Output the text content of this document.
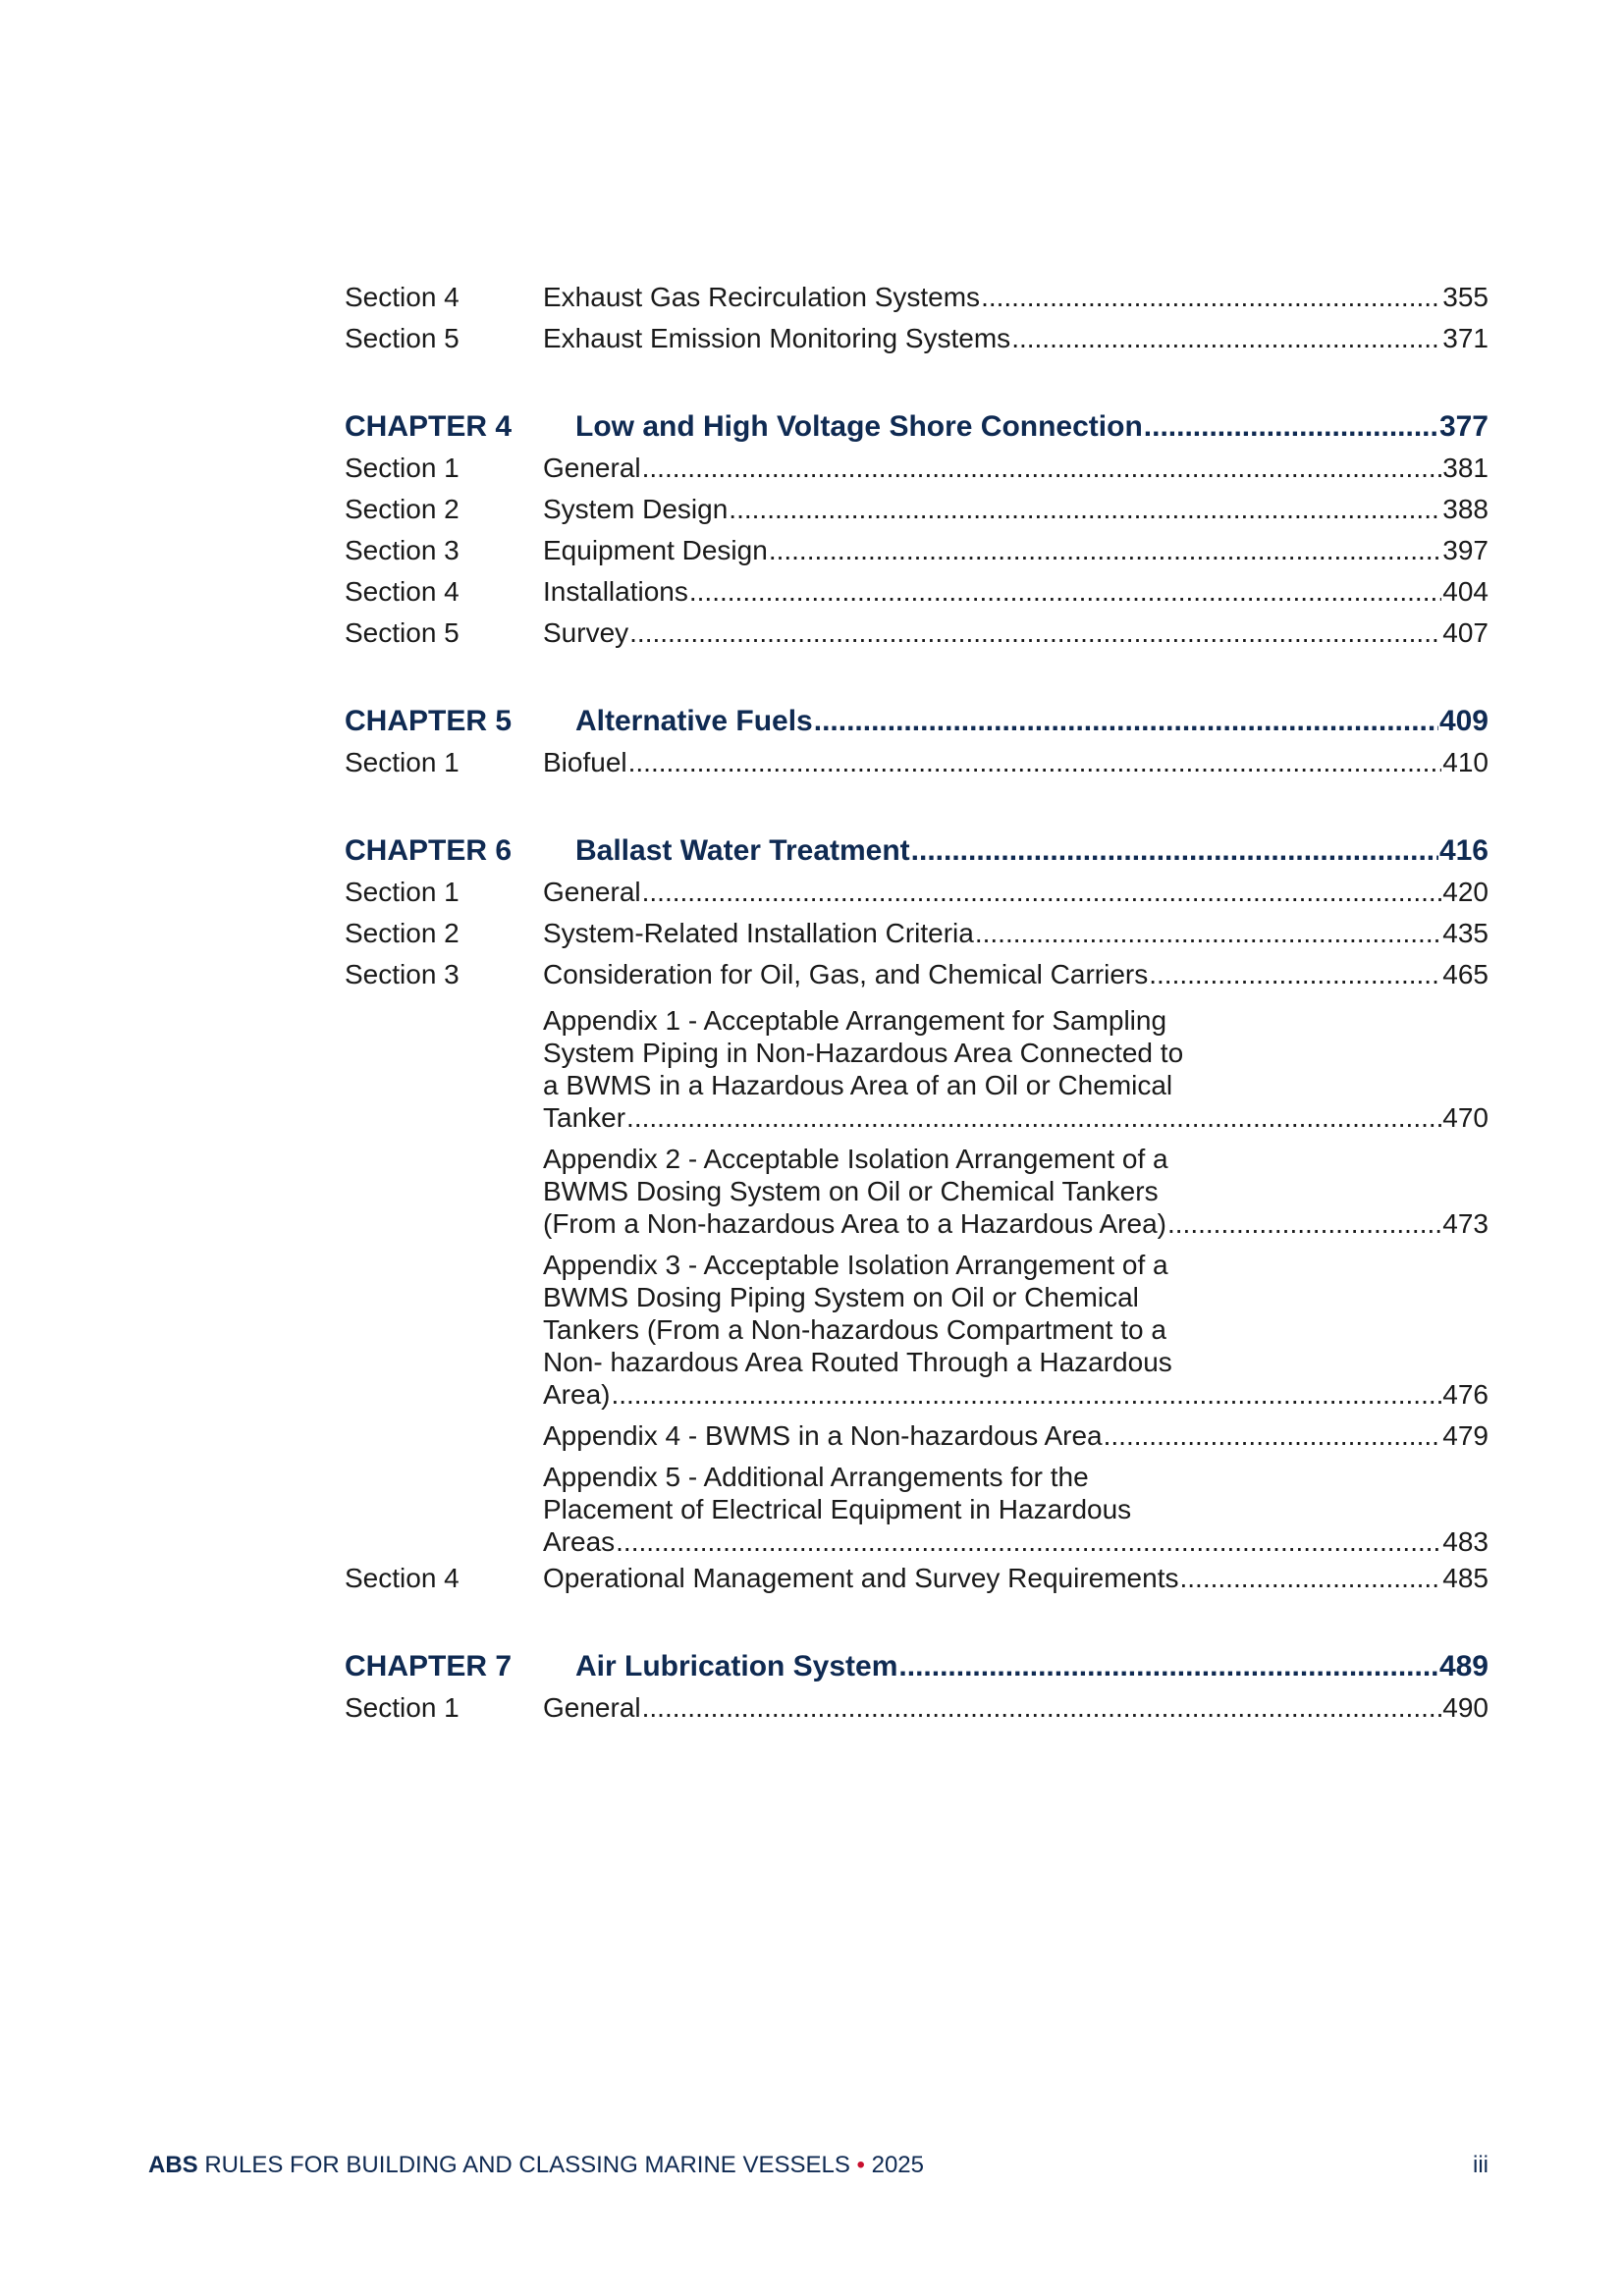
Section 4	Exhaust Gas Recirculation Systems .....	355
Section 5	Exhaust Emission Monitoring Systems .....	371
CHAPTER 4	Low and High Voltage Shore Connection .....	377
Section 1	General .....	381
Section 2	System Design .....	388
Section 3	Equipment Design .....	397
Section 4	Installations .....	404
Section 5	Survey .....	407
CHAPTER 5	Alternative Fuels .....	409
Section 1	Biofuel .....	410
CHAPTER 6	Ballast Water Treatment .....	416
Section 1	General .....	420
Section 2	System-Related Installation Criteria .....	435
Section 3	Consideration for Oil, Gas, and Chemical Carriers .....	465
Appendix 1 - Acceptable Arrangement for Sampling
System Piping in Non-Hazardous Area Connected to
a BWMS in a Hazardous Area of an Oil or Chemical
Tanker .....	470
Appendix 2 - Acceptable Isolation Arrangement of a
BWMS Dosing System on Oil or Chemical Tankers
(From a Non-hazardous Area to a Hazardous Area) .....	473
Appendix 3 - Acceptable Isolation Arrangement of a
BWMS Dosing Piping System on Oil or Chemical
Tankers (From a Non-hazardous Compartment to a
Non- hazardous Area Routed Through a Hazardous
Area) .....	476
Appendix 4 - BWMS in a Non-hazardous Area .....	479
Appendix 5 - Additional Arrangements for the
Placement of Electrical Equipment in Hazardous
Areas .....	483
Section 4	Operational Management and Survey Requirements .....	485
CHAPTER 7	Air Lubrication System .....	489
Section 1	General .....	490
ABS RULES FOR BUILDING AND CLASSING MARINE VESSELS • 2025	iii
